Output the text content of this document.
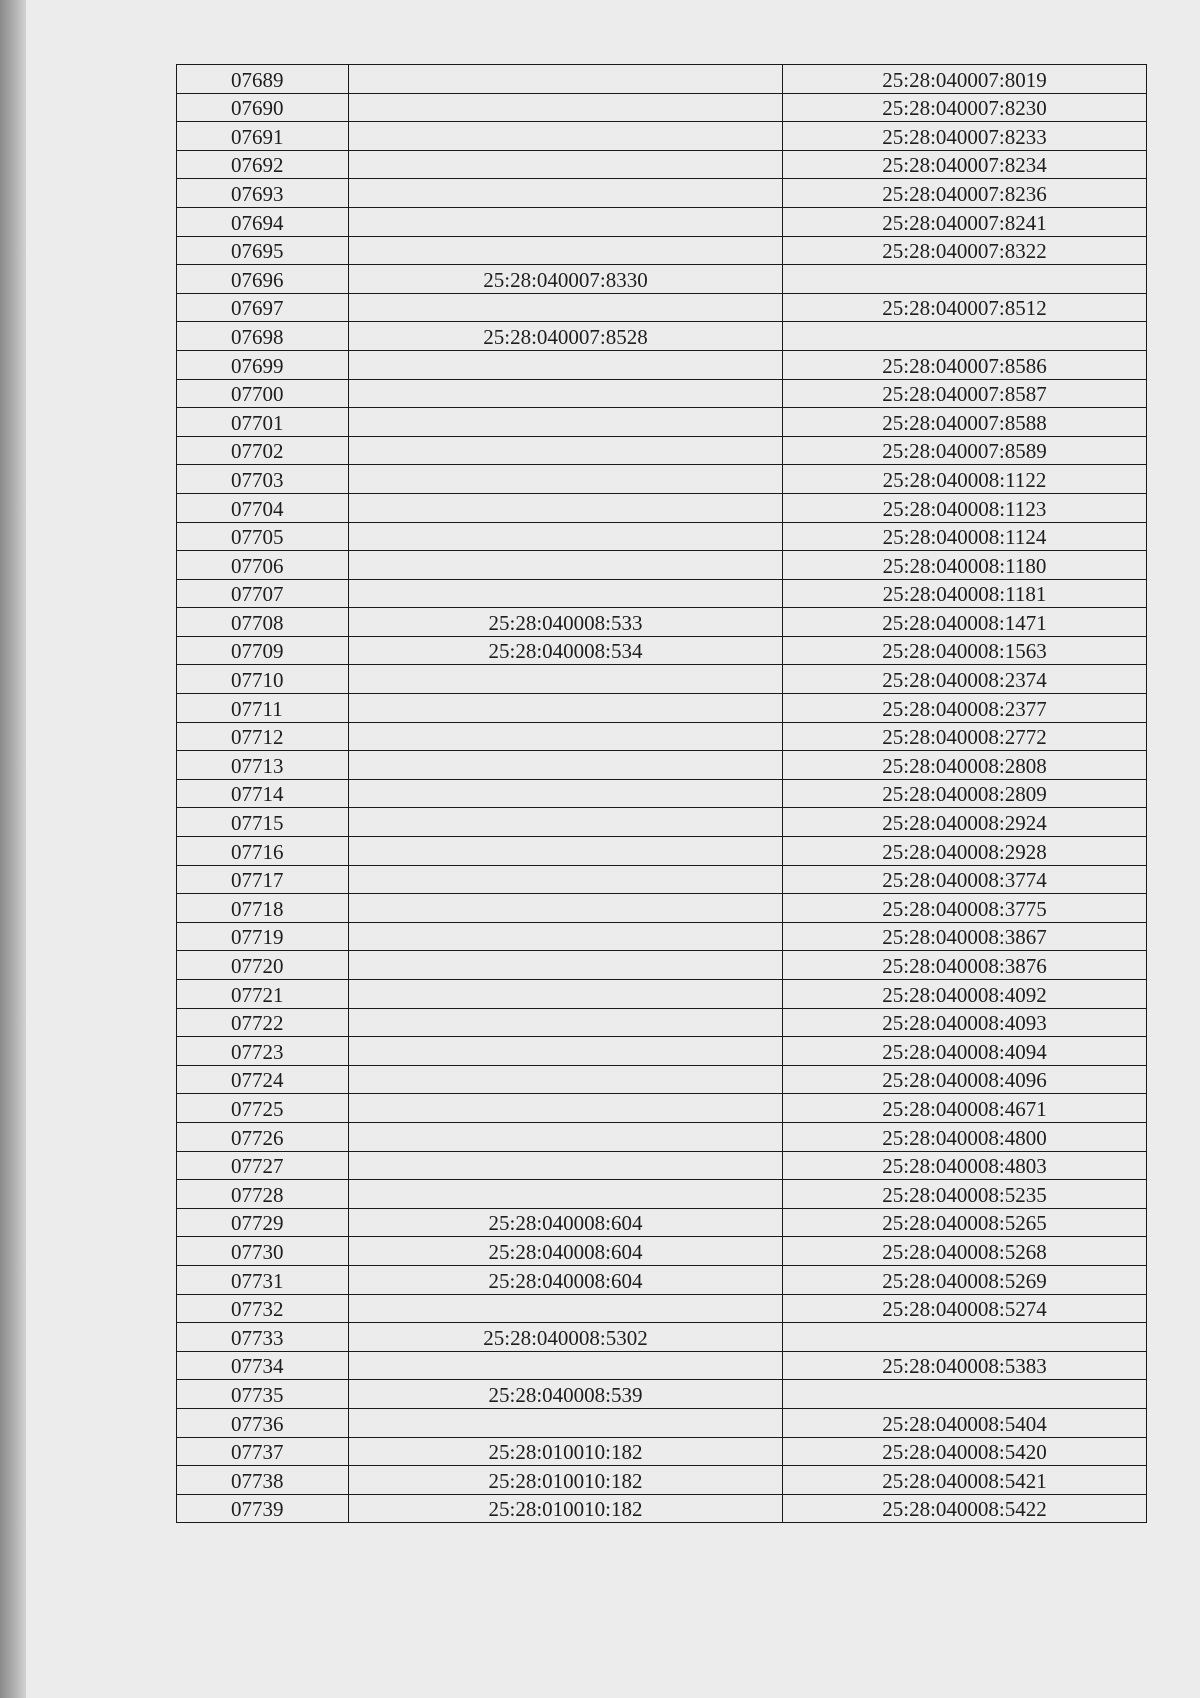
07689		25:28:040007:8019
07690		25:28:040007:8230
07691		25:28:040007:8233
07692		25:28:040007:8234
07693		25:28:040007:8236
07694		25:28:040007:8241
07695		25:28:040007:8322
07696	25:28:040007:8330	
07697		25:28:040007:8512
07698	25:28:040007:8528	
07699		25:28:040007:8586
07700		25:28:040007:8587
07701		25:28:040007:8588
07702		25:28:040007:8589
07703		25:28:040008:1122
07704		25:28:040008:1123
07705		25:28:040008:1124
07706		25:28:040008:1180
07707		25:28:040008:1181
07708	25:28:040008:533	25:28:040008:1471
07709	25:28:040008:534	25:28:040008:1563
07710		25:28:040008:2374
07711		25:28:040008:2377
07712		25:28:040008:2772
07713		25:28:040008:2808
07714		25:28:040008:2809
07715		25:28:040008:2924
07716		25:28:040008:2928
07717		25:28:040008:3774
07718		25:28:040008:3775
07719		25:28:040008:3867
07720		25:28:040008:3876
07721		25:28:040008:4092
07722		25:28:040008:4093
07723		25:28:040008:4094
07724		25:28:040008:4096
07725		25:28:040008:4671
07726		25:28:040008:4800
07727		25:28:040008:4803
07728		25:28:040008:5235
07729	25:28:040008:604	25:28:040008:5265
07730	25:28:040008:604	25:28:040008:5268
07731	25:28:040008:604	25:28:040008:5269
07732		25:28:040008:5274
07733	25:28:040008:5302	
07734		25:28:040008:5383
07735	25:28:040008:539	
07736		25:28:040008:5404
07737	25:28:010010:182	25:28:040008:5420
07738	25:28:010010:182	25:28:040008:5421
07739	25:28:010010:182	25:28:040008:5422
